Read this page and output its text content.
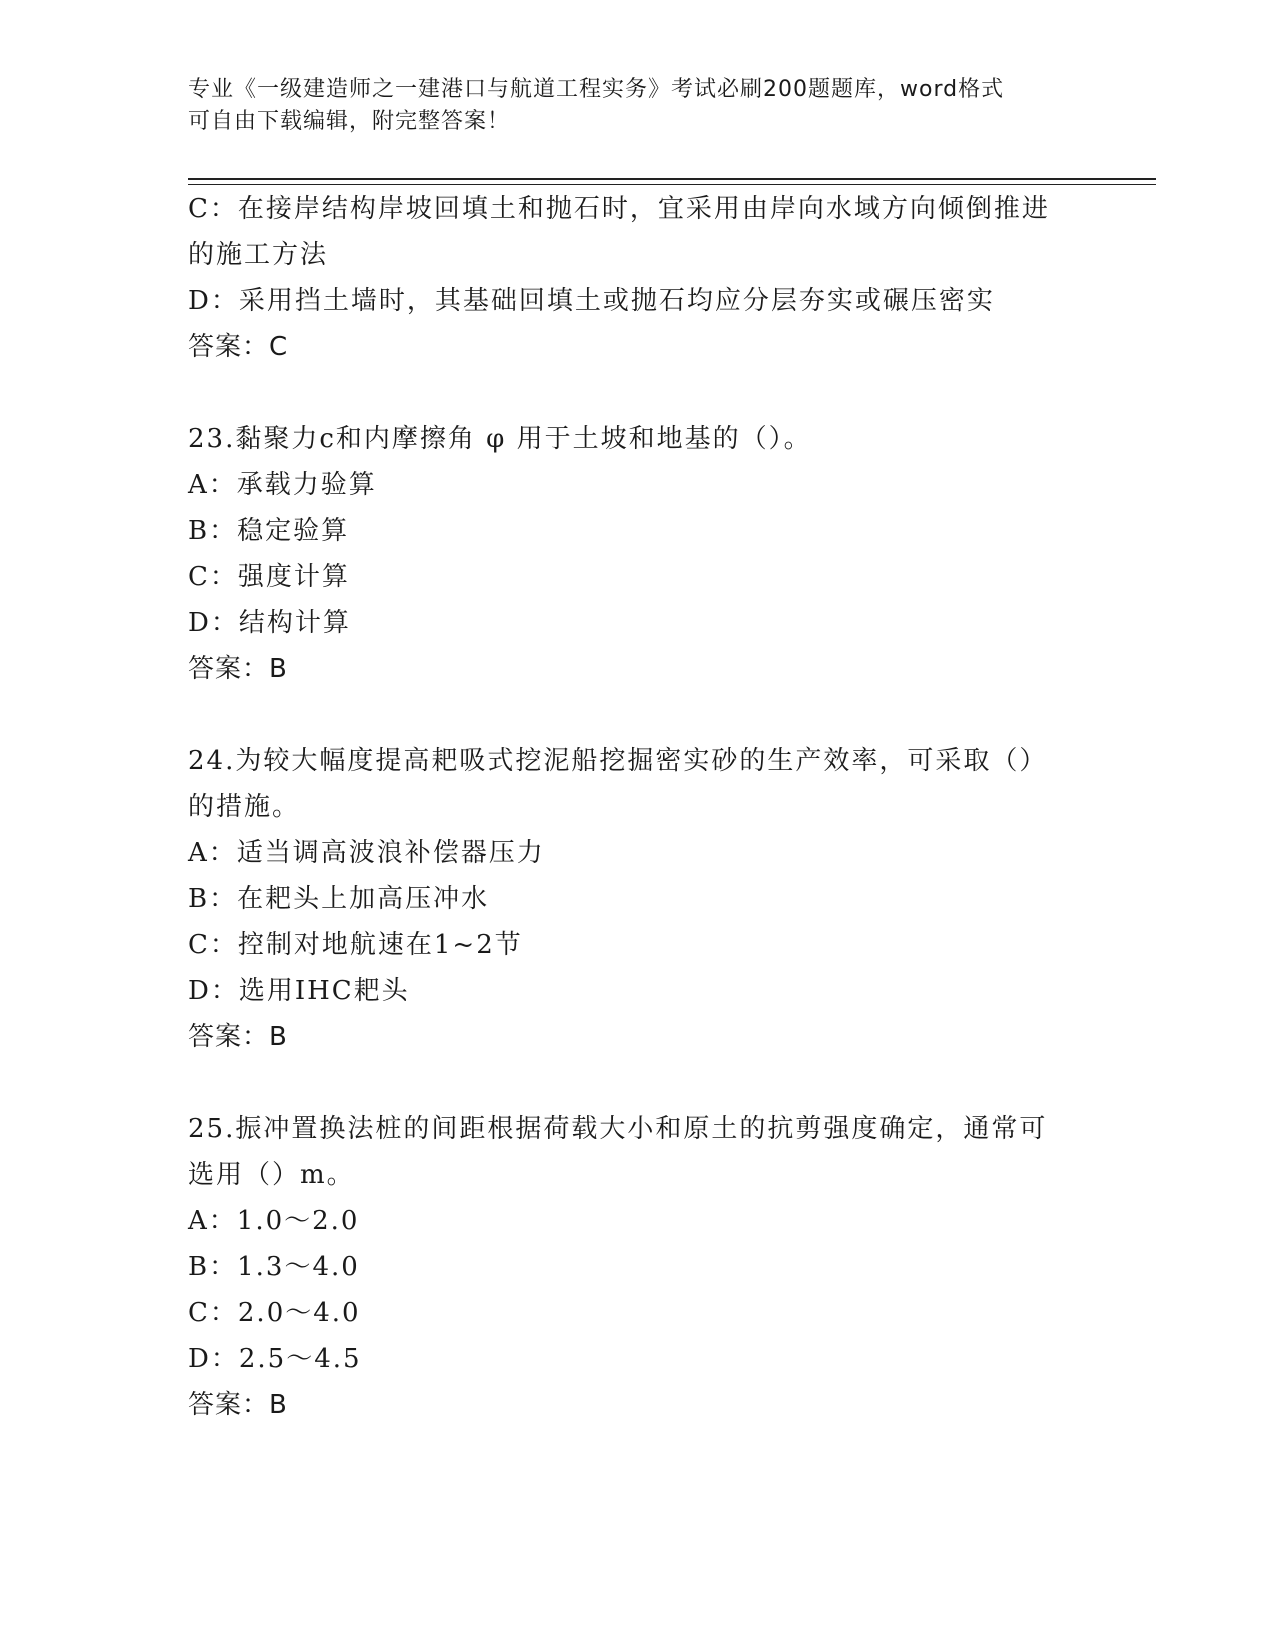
专业《一级建造师之一建港口与航道工程实务》考试必刷200题题库，word格式
可自由下载编辑，附完整答案！
C：在接岸结构岸坡回填土和抛石时，宜采用由岸向水域方向倾倒推进
的施工方法
D：采用挡土墙时，其基础回填土或抛石均应分层夯实或碾压密实
答案：C
23.黏聚力c和内摩擦角 φ 用于土坡和地基的（）。
A：承载力验算
B：稳定验算
C：强度计算
D：结构计算
答案：B
24.为较大幅度提高耙吸式挖泥船挖掘密实砂的生产效率，可采取（）
的措施。
A：适当调高波浪补偿器压力
B：在耙头上加高压冲水
C：控制对地航速在1~2节
D：选用IHC耙头
答案：B
25.振冲置换法桩的间距根据荷载大小和原土的抗剪强度确定，通常可
选用（）m。
A：1.0～2.0
B：1.3～4.0
C：2.0～4.0
D：2.5～4.5
答案：B
